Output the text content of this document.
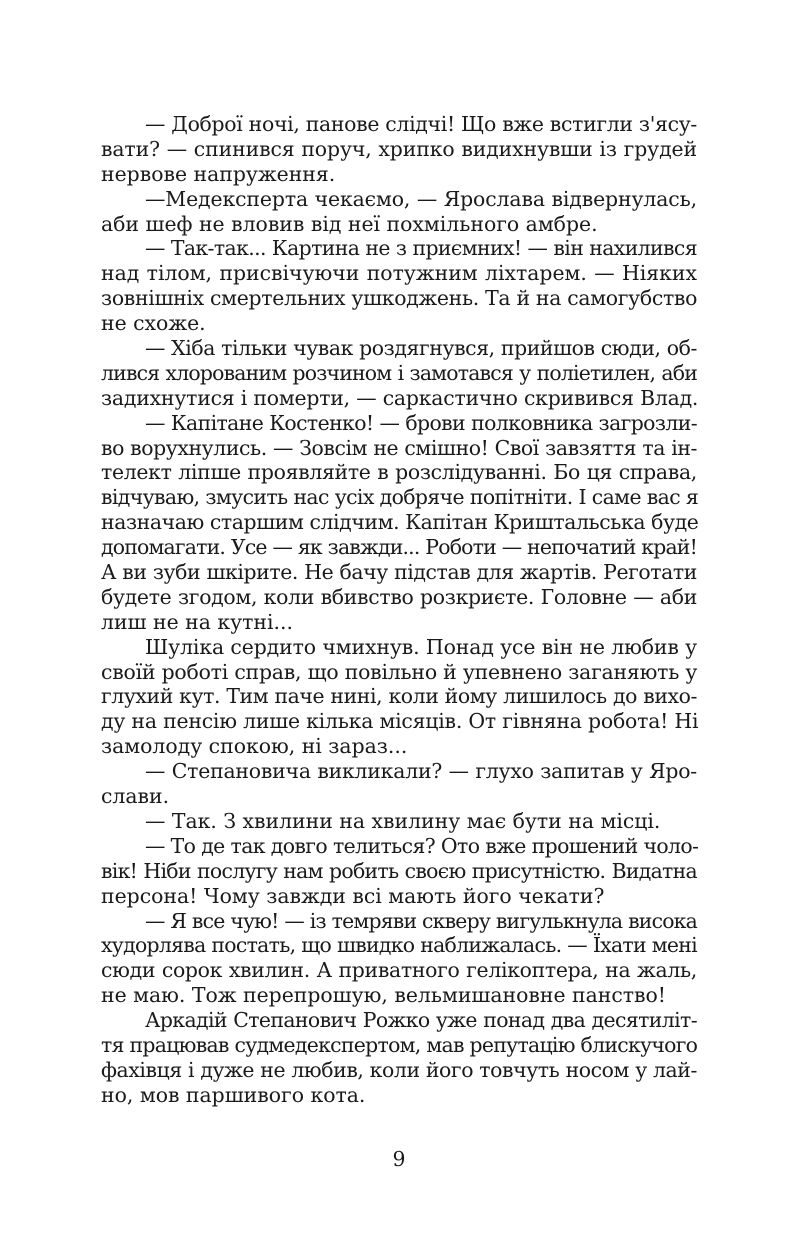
— Доброї ночі, панове слідчі! Що вже встигли з'ясу-
вати? — спинився поруч, хрипко видихнувши із грудей
нервове напруження.
—Медексперта чекаємо, — Ярослава відвернулась,
аби шеф не вловив від неї похмільного амбре.
— Так-так... Картина не з приємних! — він нахилився
над тілом, присвічуючи потужним ліхтарем. — Ніяких
зовнішніх смертельних ушкоджень. Та й на самогубство
не схоже.
— Хіба тільки чувак роздягнувся, прийшов сюди, об-
лився хлорованим розчином і замотався у поліетилен, аби
задихнутися і померти, — саркастично скривився Влад.
— Капітане Костенко! — брови полковника загрозли-
во ворухнулись. — Зовсім не смішно! Свої завзяття та ін-
телект ліпше проявляйте в розслідуванні. Бо ця справа,
відчуваю, змусить нас усіх добряче попітніти. І саме вас я
назначаю старшим слідчим. Капітан Криштальська буде
допомагати. Усе — як завжди... Роботи — непочатий край!
А ви зуби шкірите. Не бачу підстав для жартів. Реготати
будете згодом, коли вбивство розкриєте. Головне — аби
лиш не на кутні...
Шуліка сердито чмихнув. Понад усе він не любив у
своїй роботі справ, що повільно й упевнено заганяють у
глухий кут. Тим паче нині, коли йому лишилось до вихо-
ду на пенсію лише кілька місяців. От гівняна робота! Ні
замолоду спокою, ні зараз...
— Степановича викликали? — глухо запитав у Яро-
слави.
— Так. З хвилини на хвилину має бути на місці.
— То де так довго телиться? Ото вже прошений чоло-
вік! Ніби послугу нам робить своєю присутністю. Видатна
персона! Чому завжди всі мають його чекати?
— Я все чую! — із темряви скверу вигулькнула висока
худорлява постать, що швидко наближалась. — Їхати мені
сюди сорок хвилин. А приватного гелікоптера, на жаль,
не маю. Тож перепрошую, вельмишановне панство!
Аркадій Степанович Рожко уже понад два десятиліт-
тя працював судмедекспертом, мав репутацію блискучого
фахівця і дуже не любив, коли його товчуть носом у лай-
но, мов паршивого кота.
9
